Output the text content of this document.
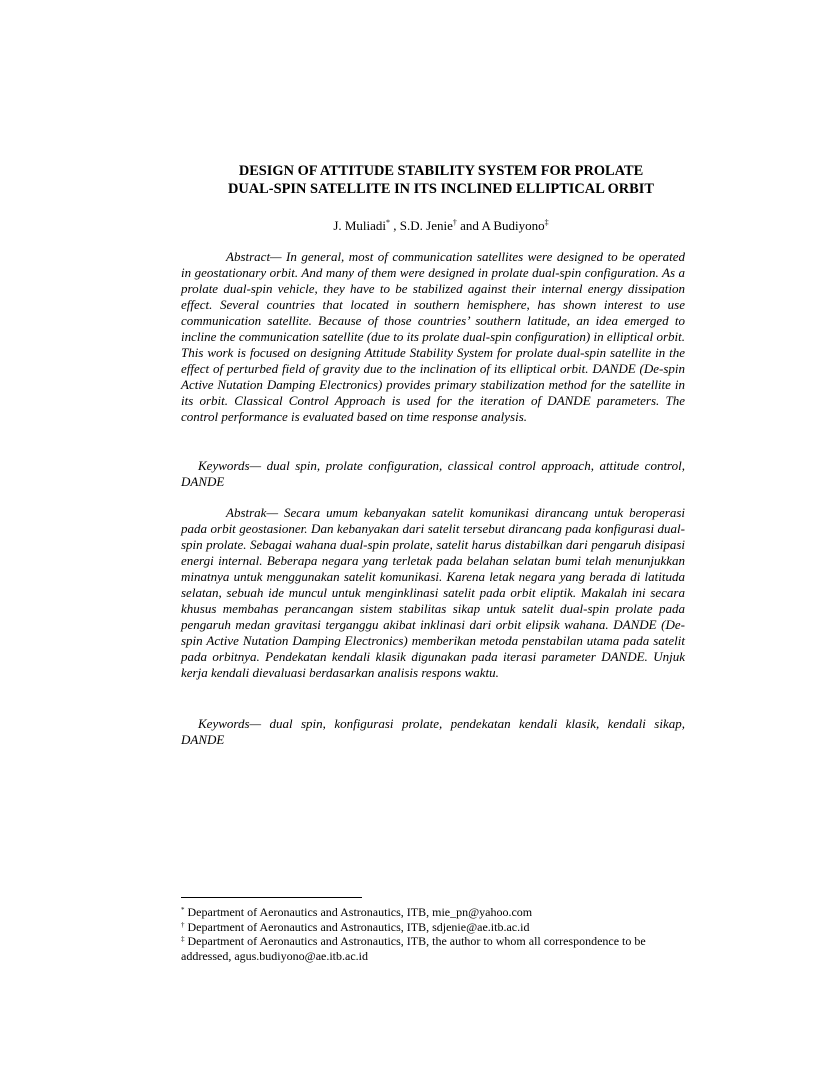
DESIGN OF ATTITUDE STABILITY SYSTEM FOR PROLATE
DUAL-SPIN SATELLITE IN ITS INCLINED ELLIPTICAL ORBIT
J. Muliadi* , S.D. Jenie† and A Budiyono‡

Abstract— In general, most of communication satellites were designed to be operated in geostationary orbit. And many of them were designed in prolate dual-spin configuration. As a prolate dual-spin vehicle, they have to be stabilized against their internal energy dissipation effect. Several countries that located in southern hemisphere, has shown interest to use communication satellite. Because of those countries’ southern latitude, an idea emerged to incline the communication satellite (due to its prolate dual-spin configuration) in elliptical orbit. This work is focused on designing Attitude Stability System for prolate dual-spin satellite in the effect of perturbed field of gravity due to the inclination of its elliptical orbit. DANDE (De-spin Active Nutation Damping Electronics) provides primary stabilization method for the satellite in its orbit. Classical Control Approach is used for the iteration of DANDE parameters. The control performance is evaluated based on time response analysis.

Keywords— dual spin, prolate configuration, classical control approach, attitude control, DANDE

Abstrak— Secara umum kebanyakan satelit komunikasi dirancang untuk beroperasi pada orbit geostasioner. Dan kebanyakan dari satelit tersebut dirancang pada konfigurasi dual-spin prolate. Sebagai wahana dual-spin prolate, satelit harus distabilkan dari pengaruh disipasi energi internal. Beberapa negara yang terletak pada belahan selatan bumi telah menunjukkan minatnya untuk menggunakan satelit komunikasi. Karena letak negara yang berada di latituda selatan, sebuah ide muncul untuk menginklinasi satelit pada orbit eliptik. Makalah ini secara khusus membahas perancangan sistem stabilitas sikap untuk satelit dual-spin prolate pada pengaruh medan gravitasi terganggu akibat inklinasi dari orbit elipsik wahana. DANDE (De-spin Active Nutation Damping Electronics) memberikan metoda penstabilan utama pada satelit pada orbitnya. Pendekatan kendali klasik digunakan pada iterasi parameter DANDE. Unjuk kerja kendali dievaluasi berdasarkan analisis respons waktu.

Keywords— dual spin, konfigurasi prolate, pendekatan kendali klasik, kendali sikap, DANDE

* Department of Aeronautics and Astronautics, ITB, mie_pn@yahoo.com

† Department of Aeronautics and Astronautics, ITB, sdjenie@ae.itb.ac.id

‡ Department of Aeronautics and Astronautics, ITB, the author to whom all correspondence to be addressed, agus.budiyono@ae.itb.ac.id
